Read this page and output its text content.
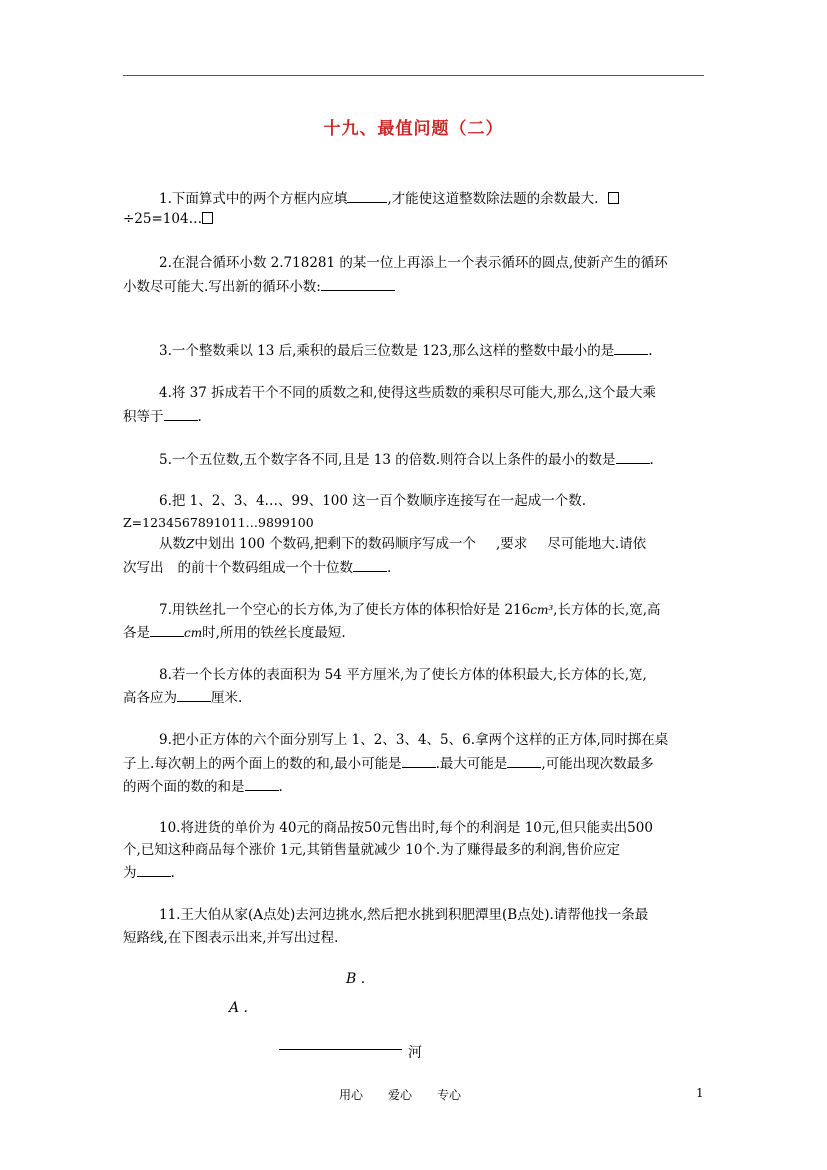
十九、最值问题（二）
1.下面算式中的两个方框内应填	,才能使这道整数除法题的余数最大.
÷25=104…
2.在混合循环小数 2.718281 的某一位上再添上一个表示循环的圆点,使新产生的循环
小数尽可能大.写出新的循环小数:
3.一个整数乘以 13 后,乘积的最后三位数是 123,那么这样的整数中最小的是	.
4.将 37 拆成若干个不同的质数之和,使得这些质数的乘积尽可能大,那么,这个最大乘
积等于	.
5.一个五位数,五个数字各不同,且是 13 的倍数.则符合以上条件的最小的数是	.
6.把 1、2、3、4…、99、100 这一百个数顺序连接写在一起成一个数.
Z=1234567891011…9899100
从数Z中划出 100 个数码,把剩下的数码顺序写成一个 ,要求 尽可能地大.请依
次写出 的前十个数码组成一个十位数	.
7.用铁丝扎一个空心的长方体,为了使长方体的体积恰好是 216cm³,长方体的长,宽,高
各是	cm时,所用的铁丝长度最短.
8.若一个长方体的表面积为 54 平方厘米,为了使长方体的体积最大,长方体的长,宽,
高各应为	厘米.
9.把小正方体的六个面分别写上 1、2、3、4、5、6.拿两个这样的正方体,同时掷在桌
子上.每次朝上的两个面上的数的和,最小可能是	.最大可能是	,可能出现次数最多
的两个面的数的和是	.
10.将进货的单价为 40元的商品按50元售出时,每个的利润是 10元,但只能卖出500
个,已知这种商品每个涨价 1元,其销售量就减少 10个.为了赚得最多的利润,售价应定
为	.
11.王大伯从家(A点处)去河边挑水,然后把水挑到积肥潭里(B点处).请帮他找一条最
短路线,在下图表示出来,并写出过程.
B .
A .
河
用心 爱心 专心	1
